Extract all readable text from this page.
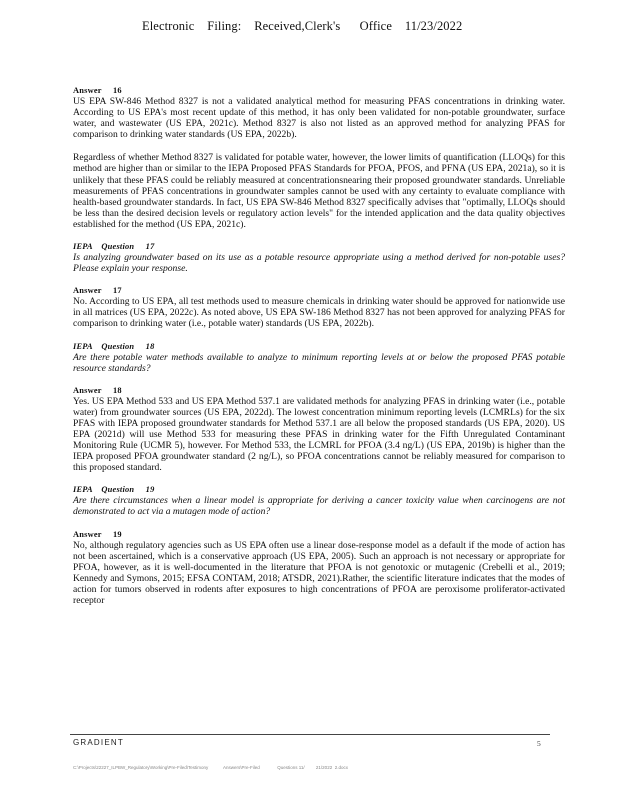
Electronic    Filing:    Received,Clerk's      Office    11/23/2022
Answer     16

US EPA SW-846 Method 8327 is not a validated analytical method for measuring PFAS concentrations in drinking water. According to US EPA's most recent update of this method, it has only been validated for non-potable groundwater, surface water, and wastewater (US EPA, 2021c). Method 8327 is also not listed as an approved method for analyzing PFAS for comparison to drinking water standards (US EPA, 2022b).

Regardless of whether Method 8327 is validated for potable water, however, the lower limits of quantification (LLOQs) for this method are higher than or similar to the IEPA Proposed PFAS Standards for PFOA, PFOS, and PFNA (US EPA, 2021a), so it is unlikely that these PFAS could be reliably measured at concentrationsnearing their proposed groundwater standards. Unreliable measurements of PFAS concentrations in groundwater samples cannot be used with any certainty to evaluate compliance with health-based groundwater standards. In fact, US EPA SW-846 Method 8327 specifically advises that "optimally, LLOQs should be less than the desired decision levels or regulatory action levels" for the intended application and the data quality objectives established for the method (US EPA, 2021c).

IEPA    Question     17

Is analyzing groundwater based on its use as a potable resource appropriate using a method derived for non-potable uses? Please explain your response.

Answer     17

No. According to US EPA, all test methods used to measure chemicals in drinking water should be approved for nationwide use in all matrices (US EPA, 2022c). As noted above, US EPA SW-186 Method 8327 has not been approved for analyzing PFAS for comparison to drinking water (i.e., potable water) standards (US EPA, 2022b).

IEPA    Question     18

Are there potable water methods available to analyze to minimum reporting levels at or below the proposed PFAS potable resource standards?

Answer     18

Yes. US EPA Method 533 and US EPA Method 537.1 are validated methods for analyzing PFAS in drinking water (i.e., potable water) from groundwater sources (US EPA, 2022d). The lowest concentration minimum reporting levels (LCMRLs) for the six PFAS with IEPA proposed groundwater standards for Method 537.1 are all below the proposed standards (US EPA, 2020). US EPA (2021d) will use Method 533 for measuring these PFAS in drinking water for the Fifth Unregulated Contaminant Monitoring Rule (UCMR 5), however. For Method 533, the LCMRL for PFOA (3.4 ng/L) (US EPA, 2019b) is higher than the IEPA proposed PFOA groundwater standard (2 ng/L), so PFOA concentrations cannot be reliably measured for comparison to this proposed standard.

IEPA    Question     19

Are there circumstances when a linear model is appropriate for deriving a cancer toxicity value when carcinogens are not demonstrated to act via a mutagen mode of action?

Answer     19

No, although regulatory agencies such as US EPA often use a linear dose-response model as a default if the mode of action has not been ascertained, which is a conservative approach (US EPA, 2005). Such an approach is not necessary or appropriate for PFOA, however, as it is well-documented in the literature that PFOA is not genotoxic or mutagenic (Crebelli et al., 2019; Kennedy and Symons, 2015; EFSA CONTAM, 2018; ATSDR, 2021).Rather, the scientific literature indicates that the modes of action for tumors observed in rodents after exposures to high concentrations of PFOA are peroxisome proliferator-activated receptor

GRADIENT	5
C:\Projects\22227_ILPBW_Regulatory\Working\Pre-Filed\Testimony            Answers\Pre-Filed              Questions 11/         21/2022  2.docx
